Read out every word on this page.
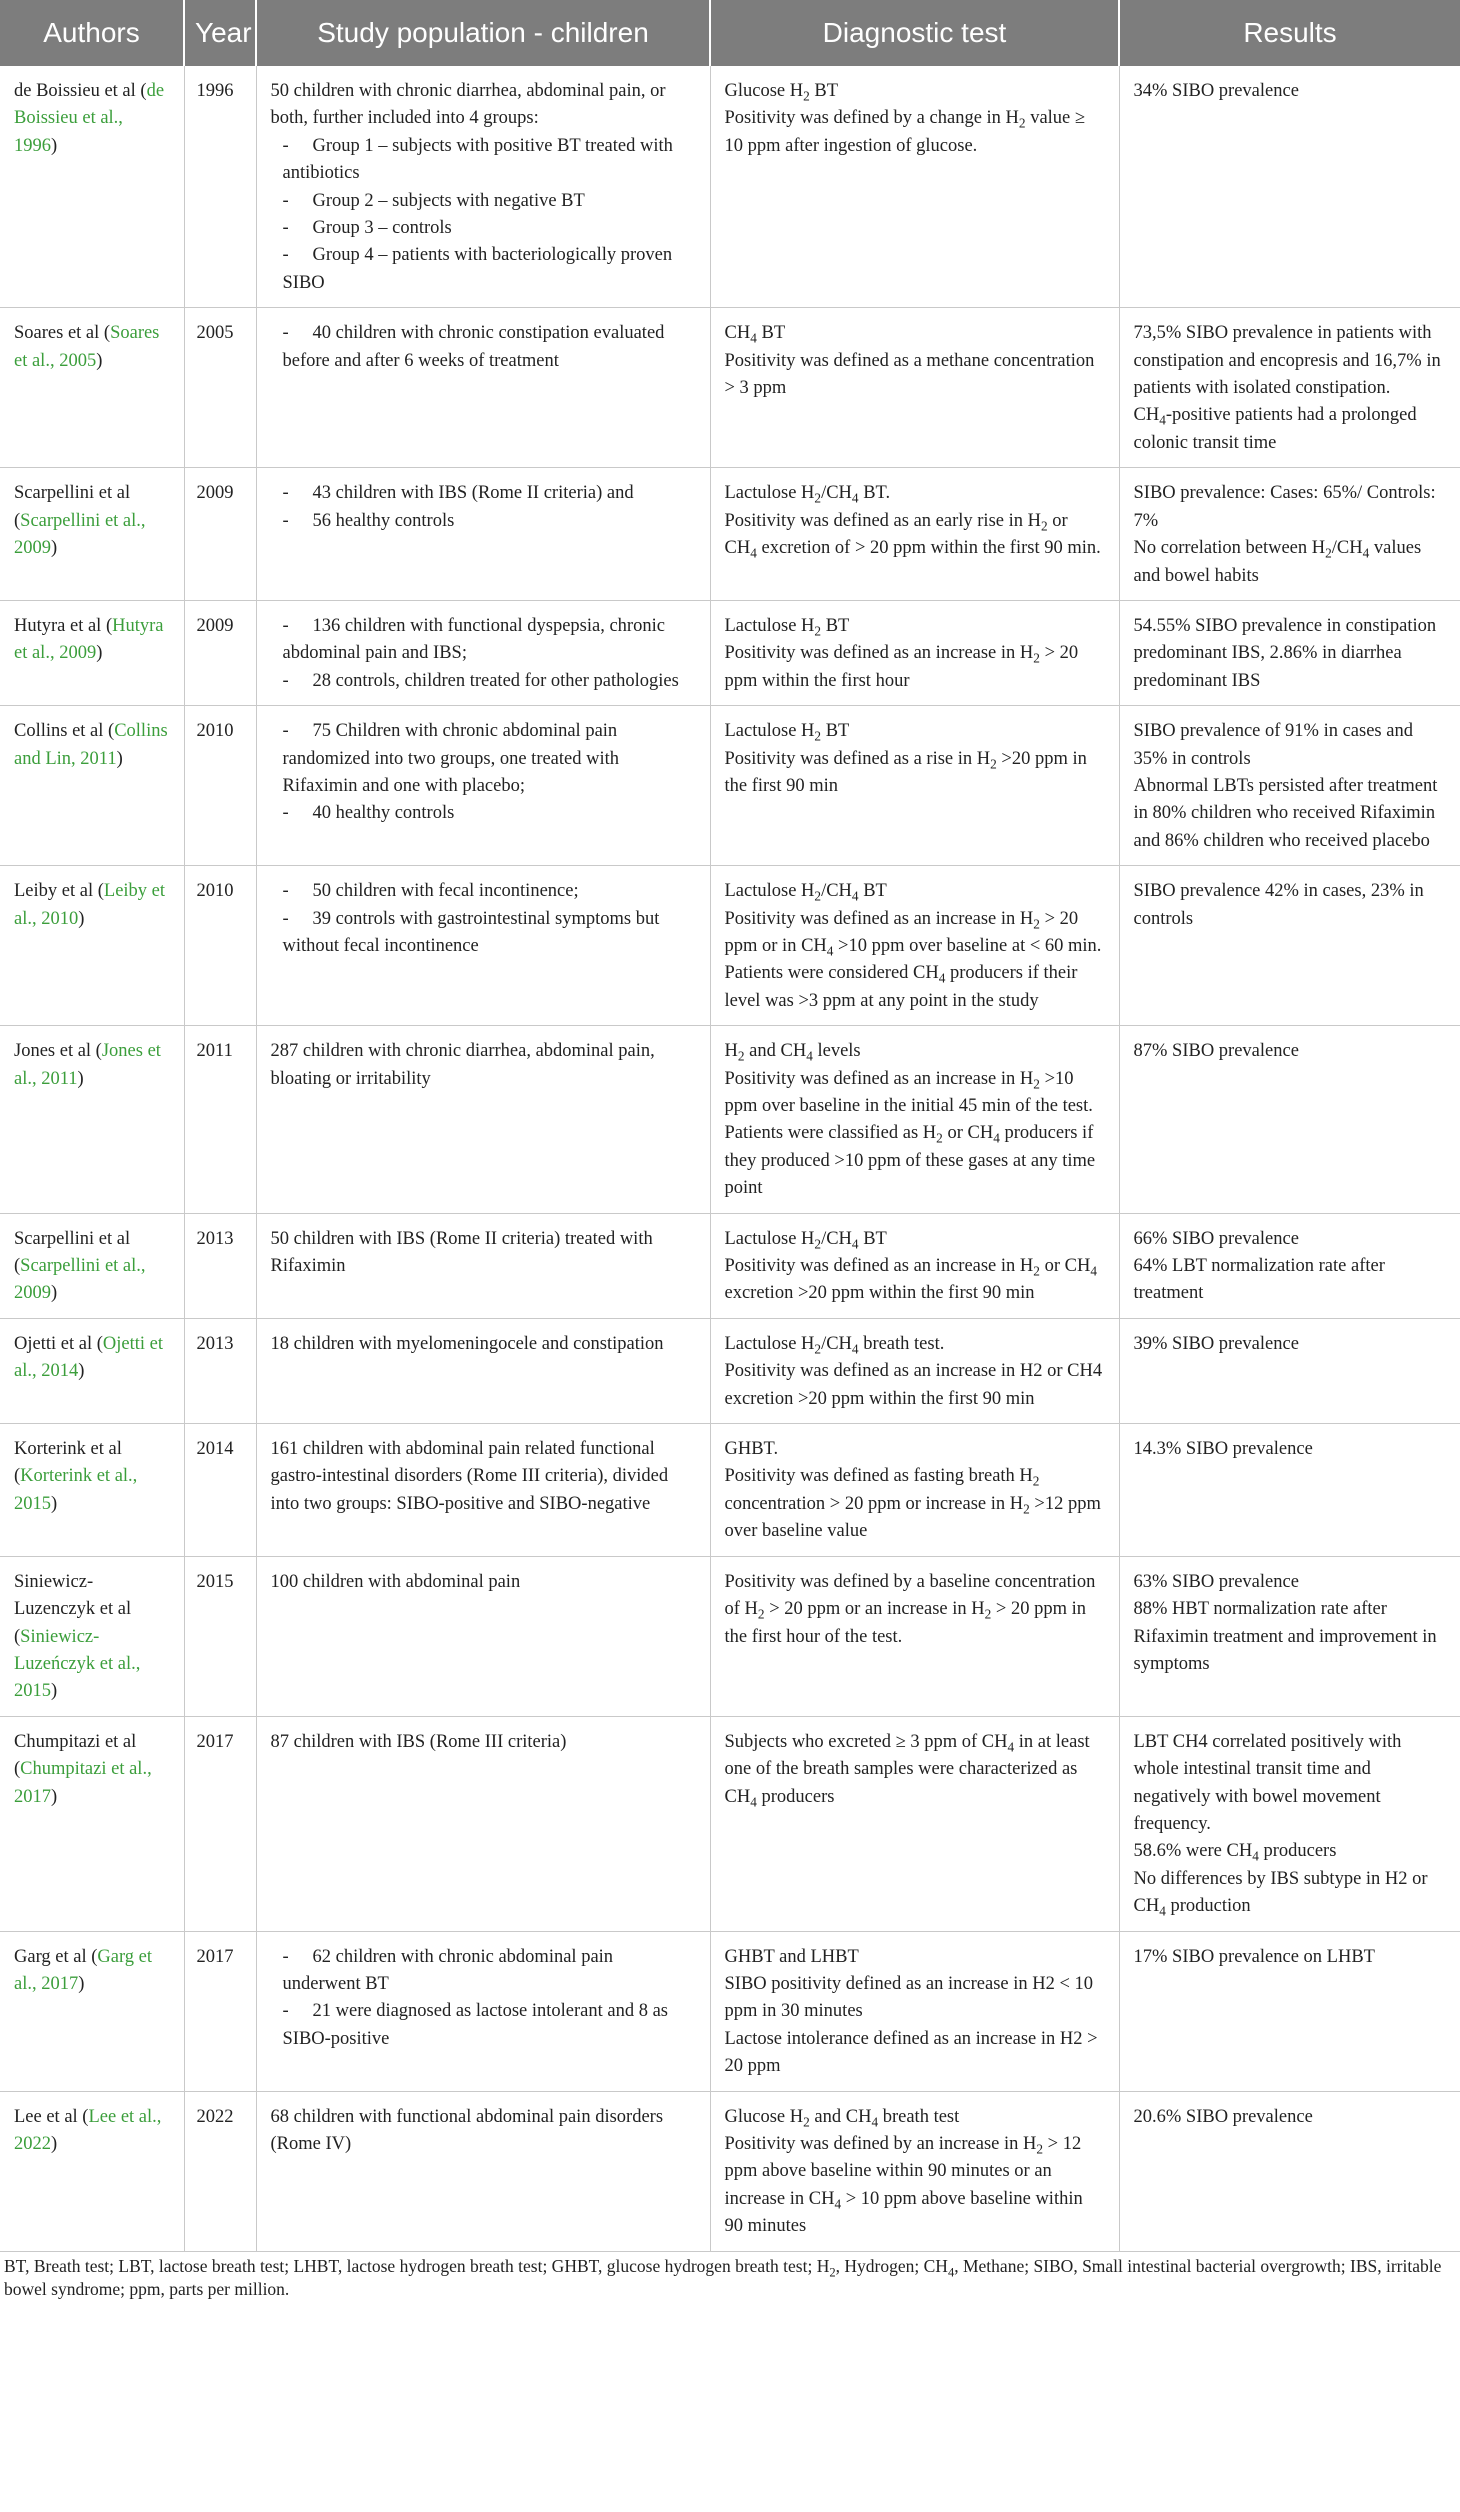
Authors	Year	Study population - children	Diagnostic test	Results
de Boissieu et al (de Boissieu et al., 1996)	1996	50 children with chronic diarrhea, abdominal pain, or both, further included into 4 groups:
- Group 1 – subjects with positive BT treated with antibiotics
- Group 2 – subjects with negative BT
- Group 3 – controls
- Group 4 – patients with bacteriologically proven SIBO	Glucose $H_2$ BT
Positivity was defined by a change in $H_2$ value ≥ 10 ppm after ingestion of glucose.	34% SIBO prevalence

Soares et al (Soares et al., 2005)	2005	- 40 children with chronic constipation evaluated before and after 6 weeks of treatment	$CH_4$ BT
Positivity was defined as a methane concentration > 3 ppm	73,5% SIBO prevalence in patients with constipation and encopresis and 16,7% in patients with isolated constipation.
$CH_4$-positive patients had a prolonged colonic transit time

Scarpellini et al (Scarpellini et al., 2009)	2009	- 43 children with IBS (Rome II criteria) and
- 56 healthy controls	Lactulose $H_2/CH_4$ BT.
Positivity was defined as an early rise in $H_2$ or $CH_4$ excretion of > 20 ppm within the first 90 min.	SIBO prevalence: Cases: 65%/ Controls: 7%
No correlation between $H_2/CH_4$ values and bowel habits

Hutyra et al (Hutyra et al., 2009)	2009	- 136 children with functional dyspepsia, chronic abdominal pain and IBS;
- 28 controls, children treated for other pathologies	Lactulose $H_2$ BT
Positivity was defined as an increase in $H_2 > 20$ ppm within the first hour	54.55% SIBO prevalence in constipation predominant IBS, 2.86% in diarrhea predominant IBS

Collins et al (Collins and Lin, 2011)	2010	- 75 Children with chronic abdominal pain randomized into two groups, one treated with Rifaximin and one with placebo;
- 40 healthy controls	Lactulose $H_2$ BT
Positivity was defined as a rise in $H_2 >20$ ppm in the first 90 min	SIBO prevalence of 91% in cases and 35% in controls
Abnormal LBTs persisted after treatment in 80% children who received Rifaximin and 86% children who received placebo

Leiby et al (Leiby et al., 2010)	2010	- 50 children with fecal incontinence;
- 39 controls with gastrointestinal symptoms but without fecal incontinence	Lactulose $H_2/CH_4$ BT
Positivity was defined as an increase in $H_2 > 20$ ppm or in $CH_4 >10$ ppm over baseline at < 60 min.
Patients were considered $CH_4$ producers if their level was >3 ppm at any point in the study	SIBO prevalence 42% in cases, 23% in controls

Jones et al (Jones et al., 2011)	2011	287 children with chronic diarrhea, abdominal pain, bloating or irritability	$H_2$ and $CH_4$ levels
Positivity was defined as an increase in $H_2 >10$ ppm over baseline in the initial 45 min of the test.
Patients were classified as $H_2$ or $CH_4$ producers if they produced >10 ppm of these gases at any time point	87% SIBO prevalence

Scarpellini et al (Scarpellini et al., 2009)	2013	50 children with IBS (Rome II criteria) treated with Rifaximin	Lactulose $H_2/CH_4$ BT
Positivity was defined as an increase in $H_2$ or $CH_4$ excretion >20 ppm within the first 90 min	66% SIBO prevalence
64% LBT normalization rate after treatment

Ojetti et al (Ojetti et al., 2014)	2013	18 children with myelomeningocele and constipation	Lactulose $H_2/CH_4$ breath test.
Positivity was defined as an increase in H2 or CH4 excretion >20 ppm within the first 90 min	39% SIBO prevalence

Korterink et al (Korterink et al., 2015)	2014	161 children with abdominal pain related functional gastro-intestinal disorders (Rome III criteria), divided into two groups: SIBO-positive and SIBO-negative	GHBT.
Positivity was defined as fasting breath $H_2$ concentration > 20 ppm or increase in $H_2 >12$ ppm over baseline value	14.3% SIBO prevalence

Siniewicz-Luzenczyk et al (Siniewicz-Luzeńczyk et al., 2015)	2015	100 children with abdominal pain	Positivity was defined by a baseline concentration of $H_2 > 20$ ppm or an increase in $H_2 > 20$ ppm in the first hour of the test.	63% SIBO prevalence
88% HBT normalization rate after Rifaximin treatment and improvement in symptoms

Chumpitazi et al (Chumpitazi et al., 2017)	2017	87 children with IBS (Rome III criteria)	Subjects who excreted ≥ 3 ppm of $CH_4$ in at least one of the breath samples were characterized as $CH_4$ producers	LBT CH4 correlated positively with whole intestinal transit time and negatively with bowel movement frequency.
58.6% were $CH_4$ producers
No differences by IBS subtype in H2 or $CH_4$ production

Garg et al (Garg et al., 2017)	2017	- 62 children with chronic abdominal pain underwent BT
- 21 were diagnosed as lactose intolerant and 8 as SIBO-positive	GHBT and LHBT
SIBO positivity defined as an increase in H2 < 10 ppm in 30 minutes
Lactose intolerance defined as an increase in H2 > 20 ppm	17% SIBO prevalence on LHBT

Lee et al (Lee et al., 2022)	2022	68 children with functional abdominal pain disorders (Rome IV)	Glucose $H_2$ and $CH_4$ breath test
Positivity was defined by an increase in $H_2 > 12$ ppm above baseline within 90 minutes or an increase in $CH_4 > 10$ ppm above baseline within 90 minutes	20.6% SIBO prevalence
BT, Breath test; LBT, lactose breath test; LHBT, lactose hydrogen breath test; GHBT, glucose hydrogen breath test; $H_2$, Hydrogen; $CH_4$, Methane; SIBO, Small intestinal bacterial overgrowth; IBS, irritable bowel syndrome; ppm, parts per million.
